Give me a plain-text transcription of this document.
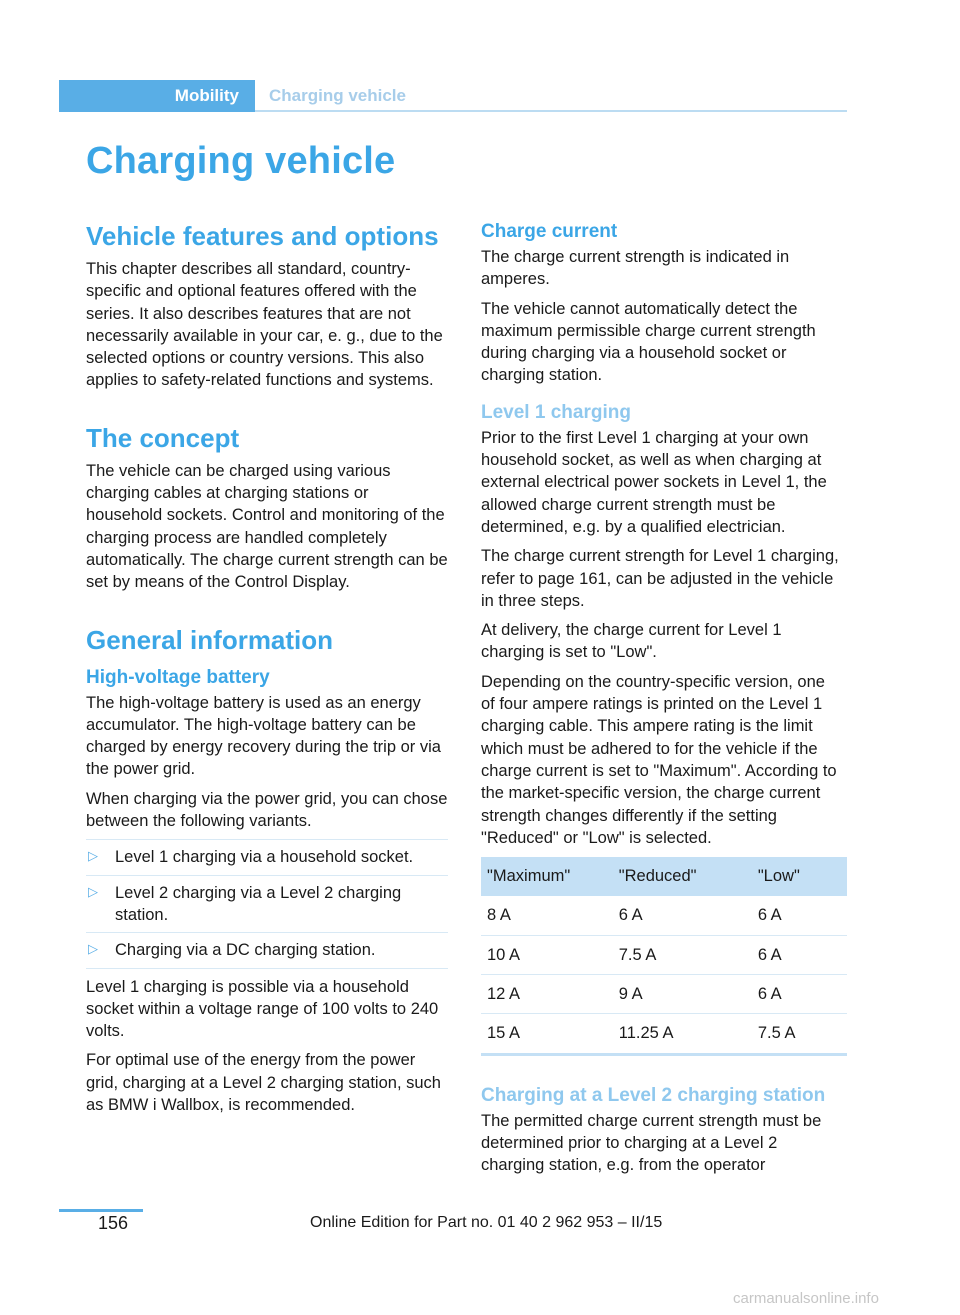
Mobility	Charging vehicle
Charging vehicle
Vehicle features and options

This chapter describes all standard, country-specific and optional features offered with the series. It also describes features that are not necessarily available in your car, e. g., due to the selected options or country versions. This also applies to safety-related functions and systems.

The concept

The vehicle can be charged using various charging cables at charging stations or household sockets. Control and monitoring of the charging process are handled completely automatically. The charge current strength can be set by means of the Control Display.

General information
High-voltage battery

The high-voltage battery is used as an energy accumulator. The high-voltage battery can be charged by energy recovery during the trip or via the power grid.

When charging via the power grid, you can chose between the following variants.

▷ Level 1 charging via a household socket.
▷ Level 2 charging via a Level 2 charging station.
▷ Charging via a DC charging station.

Level 1 charging is possible via a household socket within a voltage range of 100 volts to 240 volts.

For optimal use of the energy from the power grid, charging at a Level 2 charging station, such as BMW i Wallbox, is recommended.

Charge current

The charge current strength is indicated in amperes.

The vehicle cannot automatically detect the maximum permissible charge current strength during charging via a household socket or charging station.

Level 1 charging

Prior to the first Level 1 charging at your own household socket, as well as when charging at external electrical power sockets in Level 1, the allowed charge current strength must be determined, e.g. by a qualified electrician.

The charge current strength for Level 1 charging, refer to page 161, can be adjusted in the vehicle in three steps.

At delivery, the charge current for Level 1 charging is set to "Low".

Depending on the country-specific version, one of four ampere ratings is printed on the Level 1 charging cable. This ampere rating is the limit which must be adhered to for the vehicle if the charge current is set to "Maximum". According to the market-specific version, the charge current strength changes differently if the setting "Reduced" or "Low" is selected.

"Maximum"	"Reduced"	"Low"
8 A	6 A	6 A
10 A	7.5 A	6 A
12 A	9 A	6 A
15 A	11.25 A	7.5 A
Charging at a Level 2 charging station

The permitted charge current strength must be determined prior to charging at a Level 2 charging station, e.g. from the operator

156	Online Edition for Part no. 01 40 2 962 953 – II/15
carmanualsonline.info
